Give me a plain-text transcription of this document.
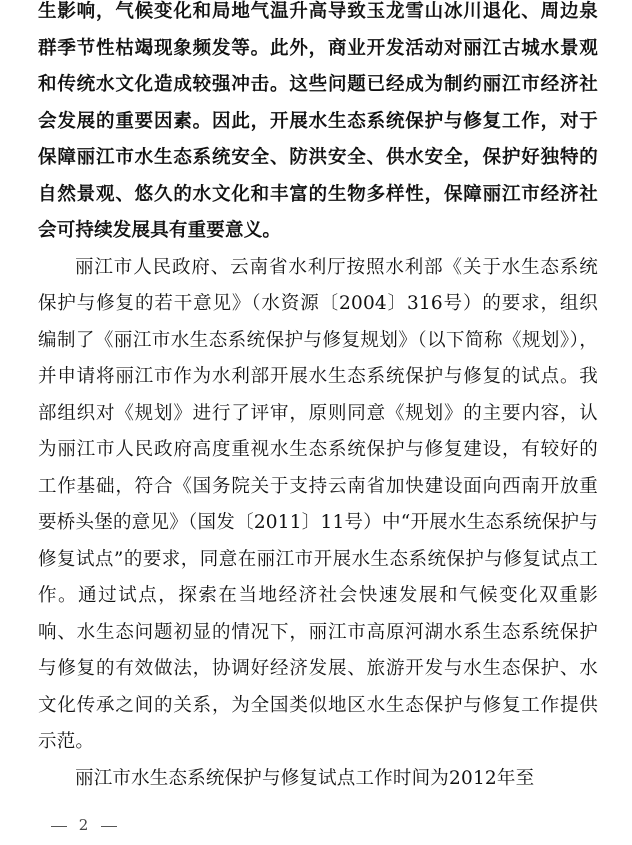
生影响，气候变化和局地气温升高导致玉龙雪山冰川退化、周边泉群季节性枯竭现象频发等。此外，商业开发活动对丽江古城水景观和传统水文化造成较强冲击。这些问题已经成为制约丽江市经济社会发展的重要因素。因此，开展水生态系统保护与修复工作，对于保障丽江市水生态系统安全、防洪安全、供水安全，保护好独特的自然景观、悠久的水文化和丰富的生物多样性，保障丽江市经济社会可持续发展具有重要意义。

丽江市人民政府、云南省水利厅按照水利部《关于水生态系统保护与修复的若干意见》（水资源〔2004〕316号）的要求，组织编制了《丽江市水生态系统保护与修复规划》（以下简称《规划》），并申请将丽江市作为水利部开展水生态系统保护与修复的试点。我部组织对《规划》进行了评审，原则同意《规划》的主要内容，认为丽江市人民政府高度重视水生态系统保护与修复建设，有较好的工作基础，符合《国务院关于支持云南省加快建设面向西南开放重要桥头堡的意见》（国发〔2011〕11号）中“开展水生态系统保护与修复试点”的要求，同意在丽江市开展水生态系统保护与修复试点工作。通过试点，探索在当地经济社会快速发展和气候变化双重影响、水生态问题初显的情况下，丽江市高原河湖水系生态系统保护与修复的有效做法，协调好经济发展、旅游开发与水生态保护、水文化传承之间的关系，为全国类似地区水生态保护与修复工作提供示范。

丽江市水生态系统保护与修复试点工作时间为2012年至

2
